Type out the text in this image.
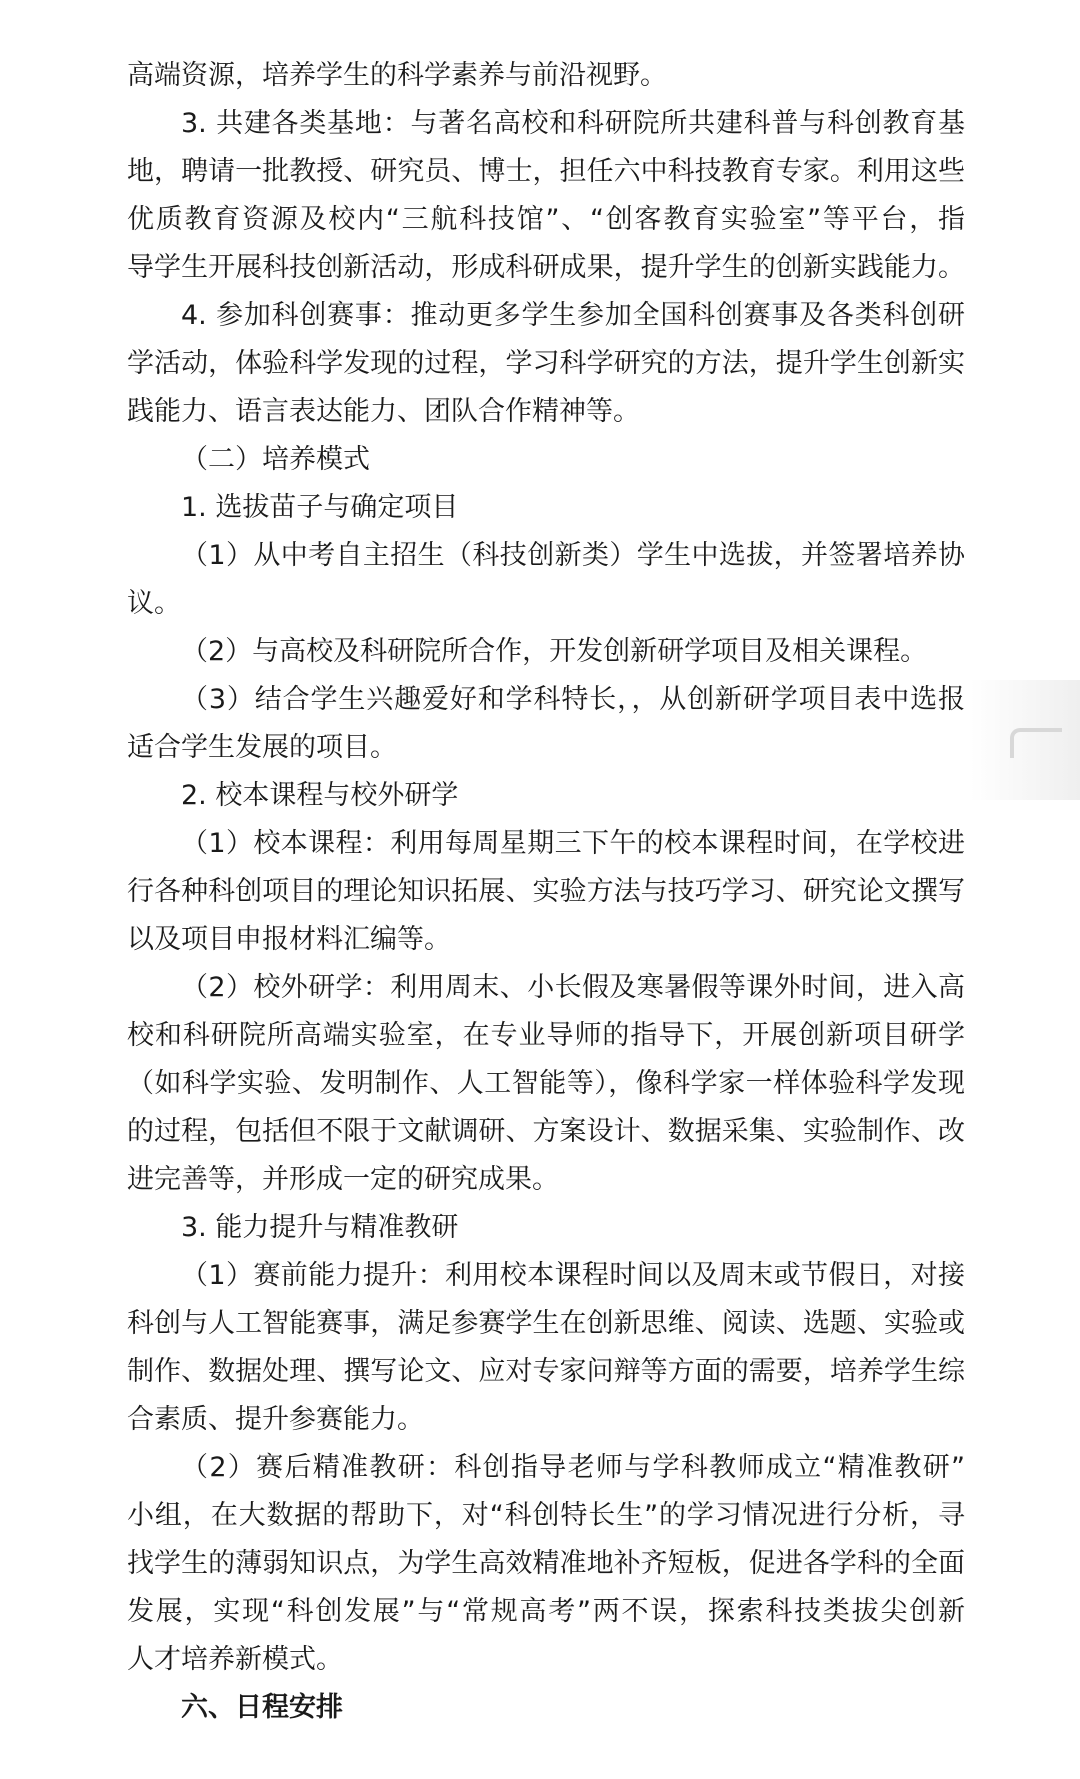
高端资源，培养学生的科学素养与前沿视野。
3. 共建各类基地：与著名高校和科研院所共建科普与科创教育基
地，聘请一批教授、研究员、博士，担任六中科技教育专家。利用这些
优质教育资源及校内“三航科技馆”、“创客教育实验室”等平台，指
导学生开展科技创新活动，形成科研成果，提升学生的创新实践能力。
4. 参加科创赛事：推动更多学生参加全国科创赛事及各类科创研
学活动，体验科学发现的过程，学习科学研究的方法，提升学生创新实
践能力、语言表达能力、团队合作精神等。
（二）培养模式
1. 选拔苗子与确定项目
（1）从中考自主招生（科技创新类）学生中选拔，并签署培养协
议。
（2）与高校及科研院所合作，开发创新研学项目及相关课程。
（3）结合学生兴趣爱好和学科特长，，从创新研学项目表中选报
适合学生发展的项目。
2. 校本课程与校外研学
（1）校本课程：利用每周星期三下午的校本课程时间，在学校进
行各种科创项目的理论知识拓展、实验方法与技巧学习、研究论文撰写
以及项目申报材料汇编等。
（2）校外研学：利用周末、小长假及寒暑假等课外时间，进入高
校和科研院所高端实验室，在专业导师的指导下，开展创新项目研学
（如科学实验、发明制作、人工智能等），像科学家一样体验科学发现
的过程，包括但不限于文献调研、方案设计、数据采集、实验制作、改
进完善等，并形成一定的研究成果。
3. 能力提升与精准教研
（1）赛前能力提升：利用校本课程时间以及周末或节假日，对接
科创与人工智能赛事，满足参赛学生在创新思维、阅读、选题、实验或
制作、数据处理、撰写论文、应对专家问辩等方面的需要，培养学生综
合素质、提升参赛能力。
（2）赛后精准教研：科创指导老师与学科教师成立“精准教研”
小组，在大数据的帮助下，对“科创特长生”的学习情况进行分析，寻
找学生的薄弱知识点，为学生高效精准地补齐短板，促进各学科的全面
发展，实现“科创发展”与“常规高考”两不误，探索科技类拔尖创新
人才培养新模式。
六、日程安排
